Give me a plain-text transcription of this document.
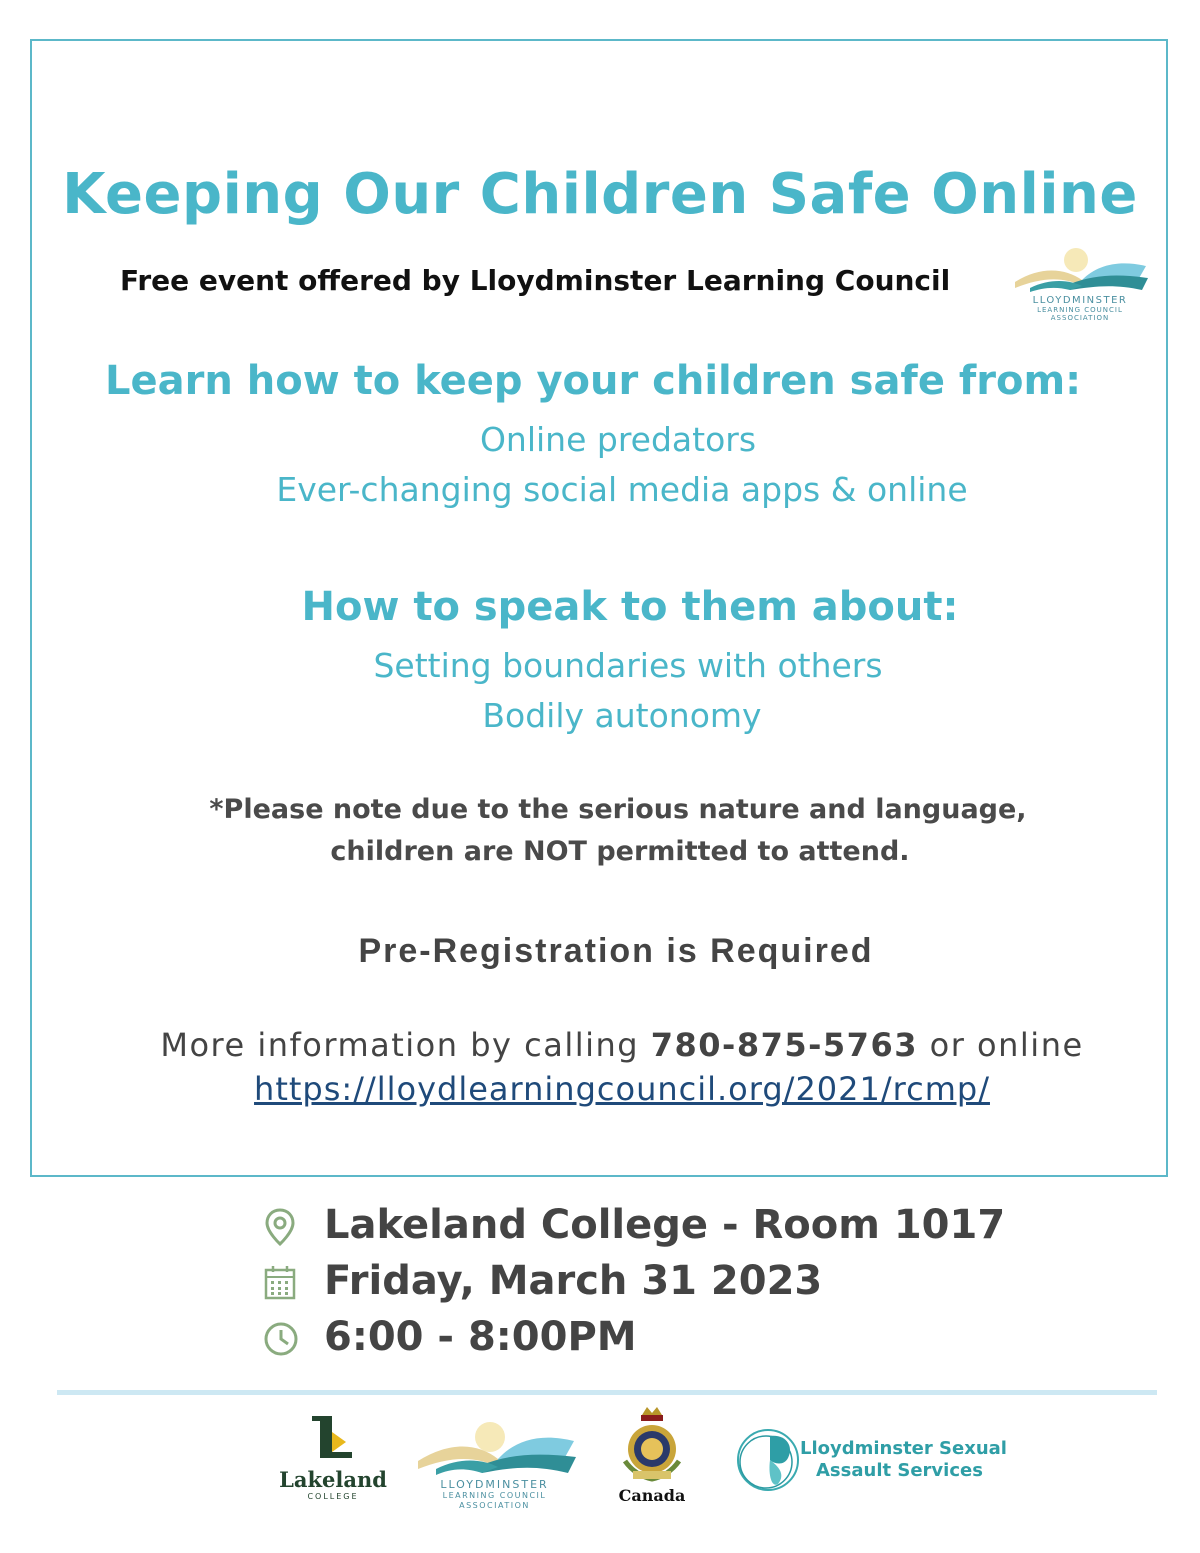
Keeping Our Children Safe Online
Free event offered by Lloydminster Learning Council
LLOYDMINSTER
LEARNING COUNCIL
ASSOCIATION
Learn how to keep your children safe from:
Online predators
Ever-changing social media apps & online
How to speak to them about:
Setting boundaries with others
Bodily autonomy
*Please note due to the serious nature and language,
children are NOT permitted to attend.
Pre-Registration is Required
More information by calling 780-875-5763 or online
https://lloydlearningcouncil.org/2021/rcmp/
Lakeland College - Room 1017
Friday, March 31 2023
6:00 - 8:00PM
Lakeland
COLLEGE
LLOYDMINSTER
LEARNING COUNCIL
ASSOCIATION
Canada
Lloydminster Sexual
Assault Services
